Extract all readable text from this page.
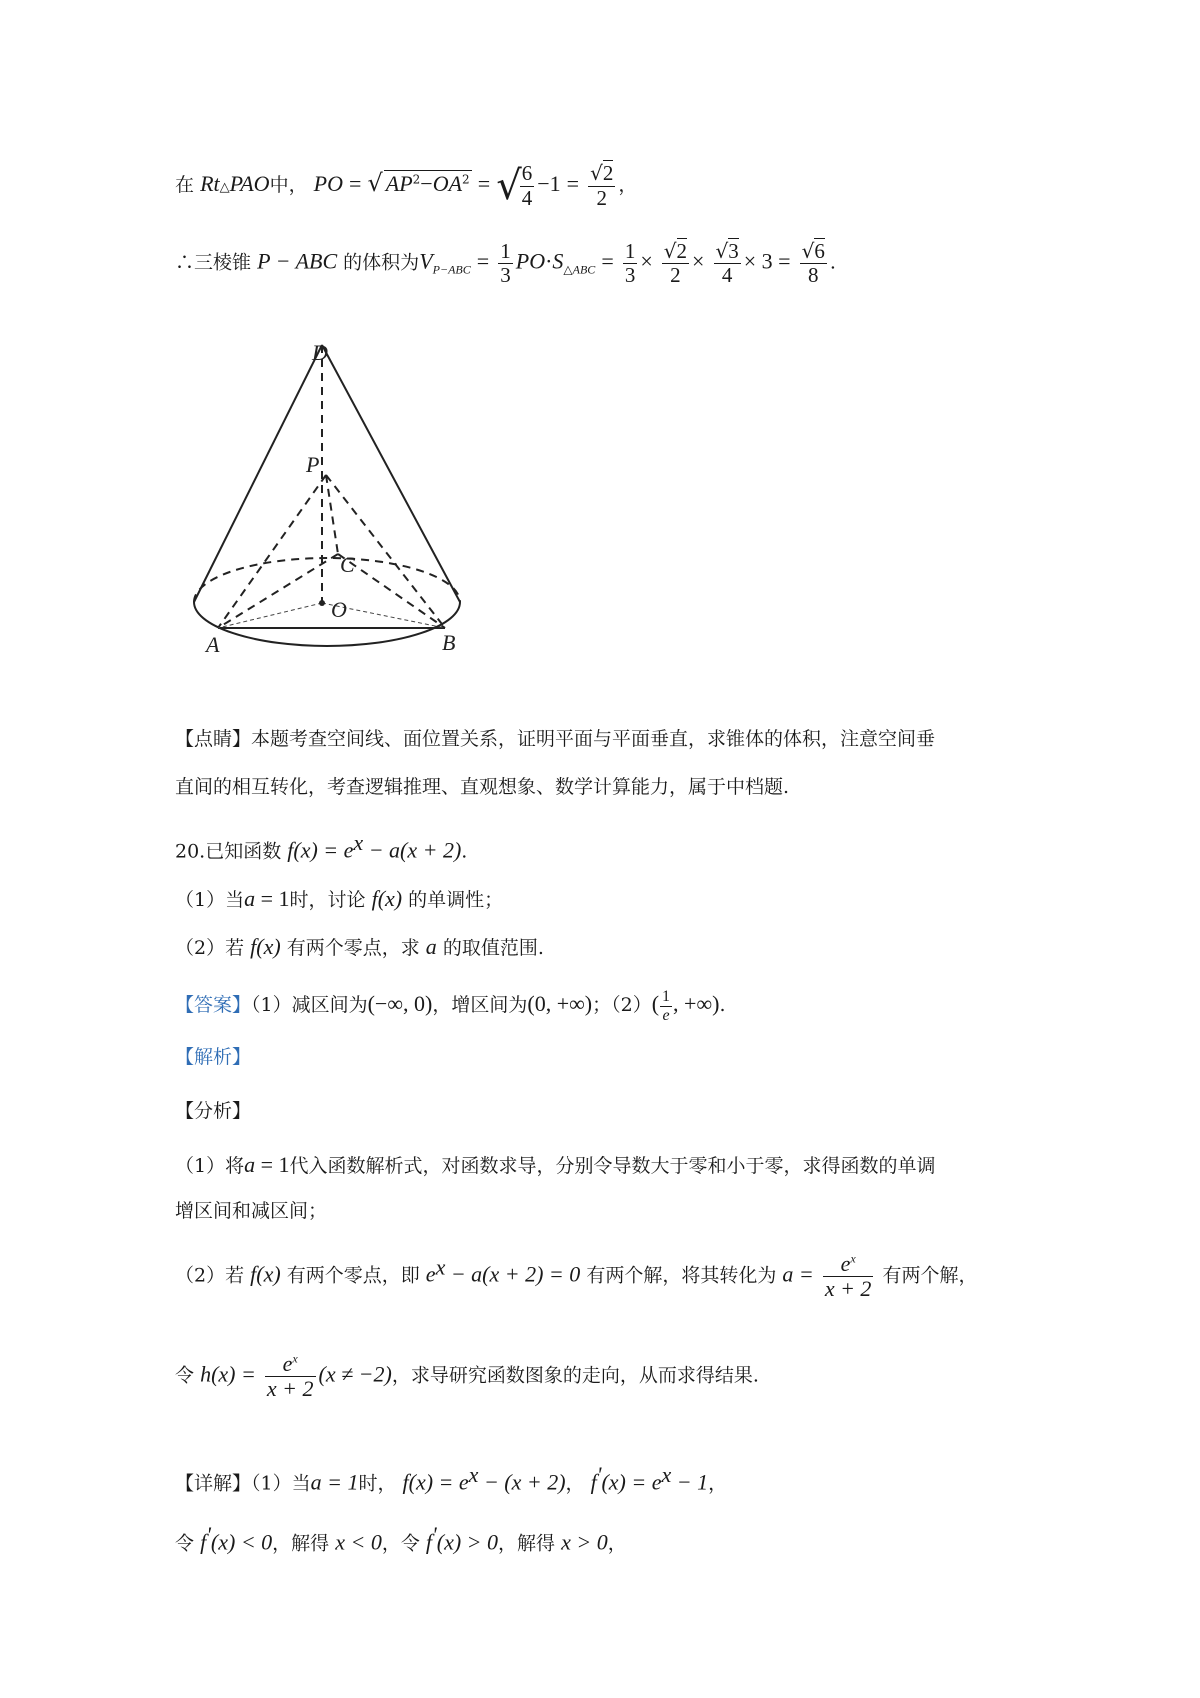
在 Rt△PAO中， PO = √ $AP^2-OA^2$ = √
$\frac{6}{4} -1 = \frac{√2}{2}$ ，
∴三棱锥 P − ABC 的体积为$V_{P-ABC} = \frac{1}{3} PO\cdot S_{\triangle ABC} = \frac{1}{3} \times \frac{√2}{2} \times \frac{√3}{4} \times 3 = \frac{√6}{8}$ .
D
P
C
O
A	B
【点睛】本题考查空间线、面位置关系，证明平面与平面垂直，求锥体的体积，注意空间垂
直间的相互转化，考查逻辑推理、直观想象、数学计算能力，属于中档题.
20.已知函数 $f(x) = e^x - a(x + 2)$.
（1）当a = 1时，讨论 f(x) 的单调性；
（2）若 f(x) 有两个零点，求 a 的取值范围.
【答案】（1）减区间为(−∞, 0)，增区间为(0, +∞)；$(2)( \frac{1}{e}$ , +∞).
【解析】
【分析】
（1）将a = 1代入函数解析式，对函数求导，分别令导数大于零和小于零，求得函数的单调
增区间和减区间；
（2）若 f(x) 有两个零点，即 $e^x - a(x + 2) = 0$ 有两个解，将其转化为 $a = \frac{e^x}{x + 2}$ 有两个解，
令 $h(x) = \frac{e^x}{x + 2} (x \ne -2)$，求导研究函数图象的走向，从而求得结果.
【详解】（1）当a = 1时， $f(x) = e^x - (x + 2)$， $f'(x) = e^x - 1$，
令 f'(x) < 0，解得 x < 0，令 f'(x) > 0，解得 x > 0，
